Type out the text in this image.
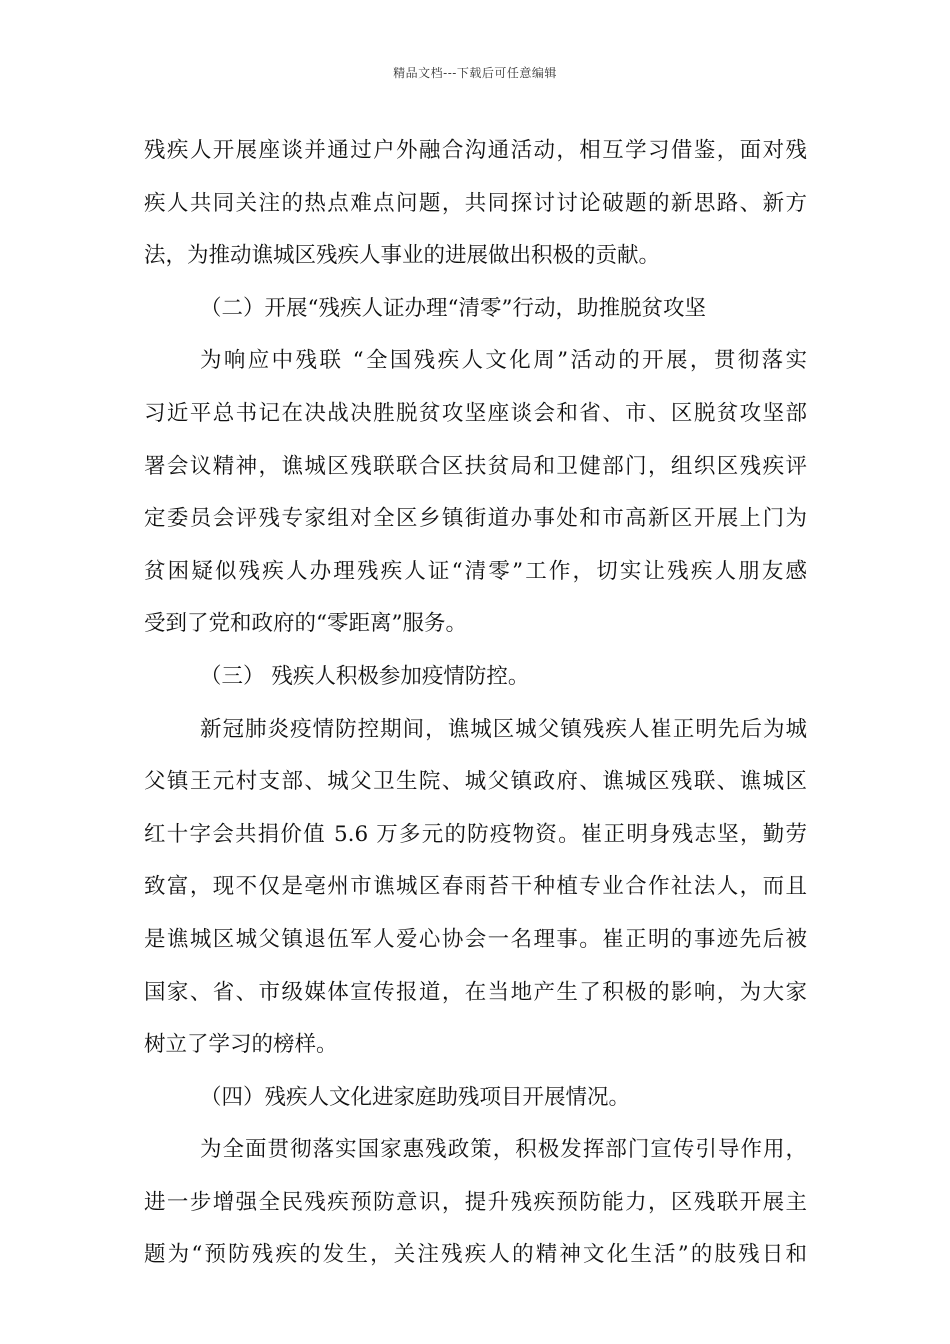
精品文档---下载后可任意编辑
残疾人开展座谈并通过户外融合沟通活动，相互学习借鉴，面对残
疾人共同关注的热点难点问题，共同探讨讨论破题的新思路、新方
法，为推动谯城区残疾人事业的进展做出积极的贡献。
（二）开展“残疾人证办理“清零”行动，助推脱贫攻坚
为响应中残联 “全国残疾人文化周”活动的开展，贯彻落实
习近平总书记在决战决胜脱贫攻坚座谈会和省、市、区脱贫攻坚部
署会议精神，谯城区残联联合区扶贫局和卫健部门，组织区残疾评
定委员会评残专家组对全区乡镇街道办事处和市高新区开展上门为
贫困疑似残疾人办理残疾人证“清零”工作，切实让残疾人朋友感
受到了党和政府的“零距离”服务。
（三） 残疾人积极参加疫情防控。
新冠肺炎疫情防控期间，谯城区城父镇残疾人崔正明先后为城
父镇王元村支部、城父卫生院、城父镇政府、谯城区残联、谯城区
红十字会共捐价值 5.6 万多元的防疫物资。崔正明身残志坚，勤劳
致富，现不仅是亳州市谯城区春雨苔干种植专业合作社法人，而且
是谯城区城父镇退伍军人爱心协会一名理事。崔正明的事迹先后被
国家、省、市级媒体宣传报道，在当地产生了积极的影响，为大家
树立了学习的榜样。
（四）残疾人文化进家庭助残项目开展情况。
为全面贯彻落实国家惠残政策，积极发挥部门宣传引导作用，
进一步增强全民残疾预防意识，提升残疾预防能力，区残联开展主
题为“预防残疾的发生，关注残疾人的精神文化生活”的肢残日和
